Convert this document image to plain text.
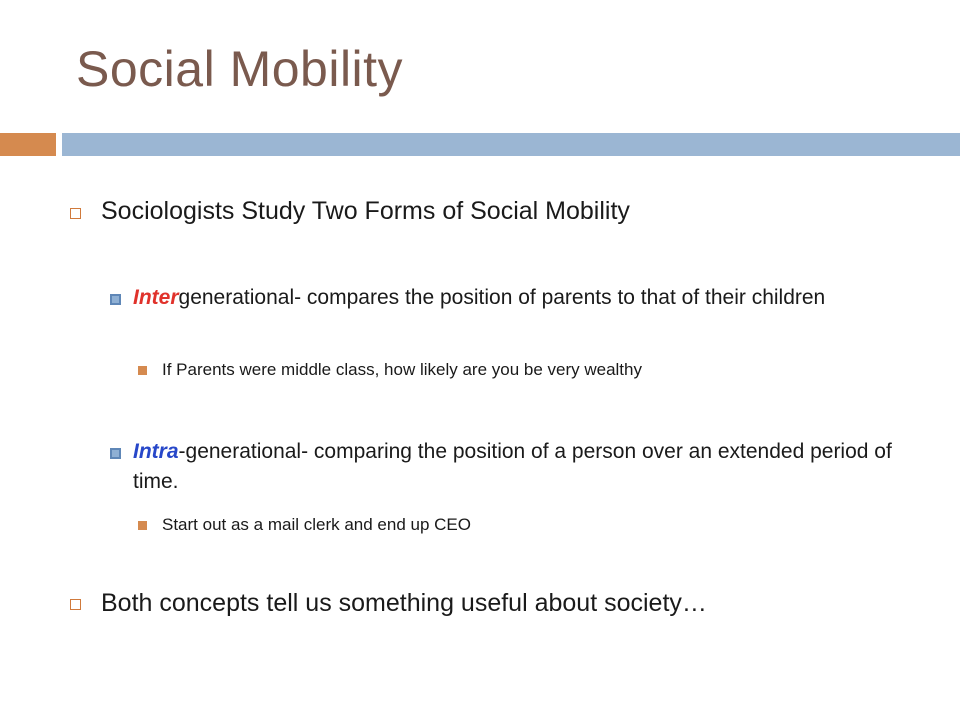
Social Mobility
Sociologists Study Two Forms of Social Mobility
Intergenerational- compares the position of parents to that of their children
If Parents were middle class, how likely are you be very wealthy
Intra-generational- comparing the position of a person over an extended period of time.
Start out as a mail clerk and end up CEO
Both concepts tell us something useful about society…
